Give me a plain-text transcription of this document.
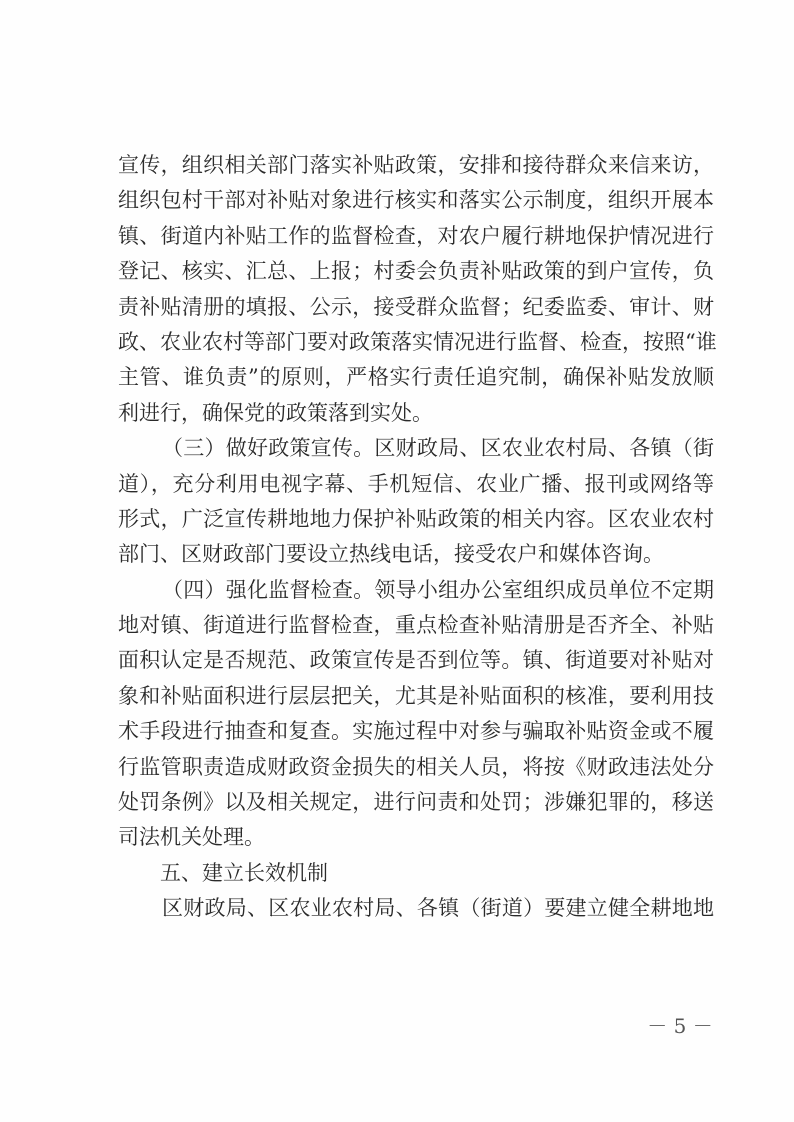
宣传，组织相关部门落实补贴政策，安排和接待群众来信来访，
组织包村干部对补贴对象进行核实和落实公示制度，组织开展本
镇、街道内补贴工作的监督检查，对农户履行耕地保护情况进行
登记、核实、汇总、上报；村委会负责补贴政策的到户宣传，负
责补贴清册的填报、公示，接受群众监督；纪委监委、审计、财
政、农业农村等部门要对政策落实情况进行监督、检查，按照“谁
主管、谁负责”的原则，严格实行责任追究制，确保补贴发放顺
利进行，确保党的政策落到实处。
（三）做好政策宣传。区财政局、区农业农村局、各镇（街
道），充分利用电视字幕、手机短信、农业广播、报刊或网络等
形式，广泛宣传耕地地力保护补贴政策的相关内容。区农业农村
部门、区财政部门要设立热线电话，接受农户和媒体咨询。
（四）强化监督检查。领导小组办公室组织成员单位不定期
地对镇、街道进行监督检查，重点检查补贴清册是否齐全、补贴
面积认定是否规范、政策宣传是否到位等。镇、街道要对补贴对
象和补贴面积进行层层把关，尤其是补贴面积的核准，要利用技
术手段进行抽查和复查。实施过程中对参与骗取补贴资金或不履
行监管职责造成财政资金损失的相关人员，将按《财政违法处分
处罚条例》以及相关规定，进行问责和处罚；涉嫌犯罪的，移送
司法机关处理。
五、建立长效机制
区财政局、区农业农村局、各镇（街道）要建立健全耕地地
－ 5 －
